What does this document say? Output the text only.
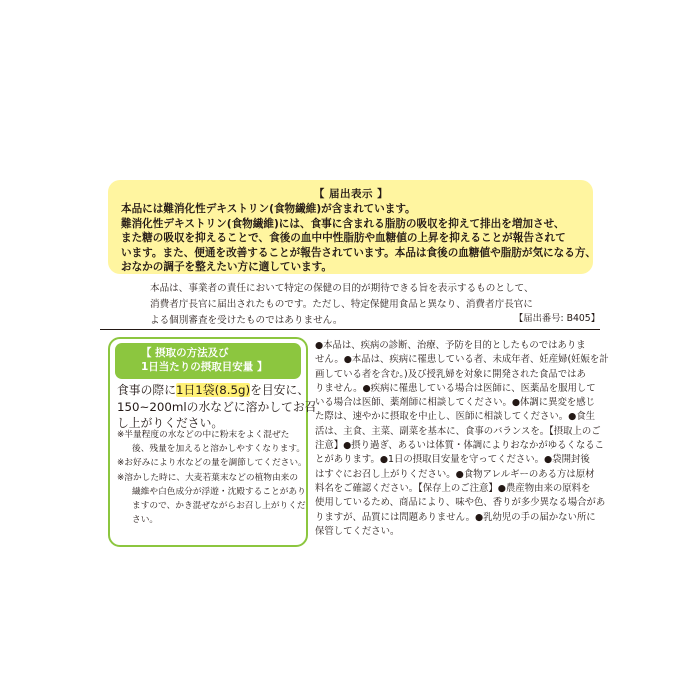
【 届出表示 】
本品には難消化性デキストリン(食物繊維)が含まれています。
難消化性デキストリン(食物繊維)には、食事に含まれる脂肪の吸収を抑えて排出を増加させ、
また糖の吸収を抑えることで、食後の血中中性脂肪や血糖値の上昇を抑えることが報告されて
います。また、便通を改善することが報告されています。本品は食後の血糖値や脂肪が気になる方、
おなかの調子を整えたい方に適しています。
本品は、事業者の責任において特定の保健の目的が期待できる旨を表示するものとして、
消費者庁長官に届出されたものです。ただし、特定保健用食品と異なり、消費者庁長官に
よる個別審査を受けたものではありません。	【届出番号: B405】
【 摂取の方法及び
1日当たりの摂取目安量 】
食事の際に1日1袋(8.5g)を目安に、
150~200mlの水などに溶かしてお召
し上がりください。
※半量程度の水などの中に粉末をよく混ぜた
後、残量を加えると溶かしやすくなります。
※お好みにより水などの量を調節してください。
※溶かした時に、大麦若葉末などの植物由来の
繊維や白色成分が浮遊・沈殿することがあり
ますので、かき混ぜながらお召し上がりくだ
さい。
●本品は、疾病の診断、治療、予防を目的としたものではありま
せん。●本品は、疾病に罹患している者、未成年者、妊産婦(妊娠を計
画している者を含む。)及び授乳婦を対象に開発された食品ではあ
りません。●疾病に罹患している場合は医師に、医薬品を服用して
いる場合は医師、薬剤師に相談してください。●体調に異変を感じ
た際は、速やかに摂取を中止し、医師に相談してください。●食生
活は、主食、主菜、副菜を基本に、食事のバランスを。【摂取上のご
注意】●摂り過ぎ、あるいは体質・体調によりおなかがゆるくなるこ
とがあります。●1日の摂取目安量を守ってください。●袋開封後
はすぐにお召し上がりください。●食物アレルギーのある方は原材
料名をご確認ください。【保存上のご注意】●農産物由来の原料を
使用しているため、商品により、味や色、香りが多少異なる場合があ
りますが、品質には問題ありません。●乳幼児の手の届かない所に
保管してください。
